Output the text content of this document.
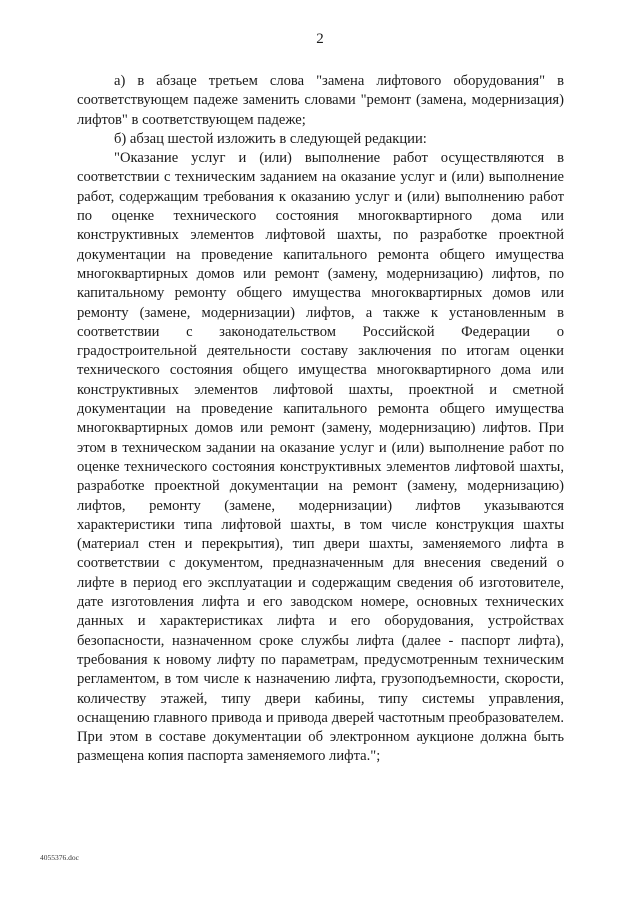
2

а) в абзаце третьем слова "замена лифтового оборудования" в соответствующем падеже заменить словами "ремонт (замена, модернизация) лифтов" в соответствующем падеже;

б) абзац шестой изложить в следующей редакции:

"Оказание услуг и (или) выполнение работ осуществляются в соответствии с техническим заданием на оказание услуг и (или) выполнение работ, содержащим требования к оказанию услуг и (или) выполнению работ по оценке технического состояния многоквартирного дома или конструктивных элементов лифтовой шахты, по разработке проектной документации на проведение капитального ремонта общего имущества многоквартирных домов или ремонт (замену, модернизацию) лифтов, по капитальному ремонту общего имущества многоквартирных домов или ремонту (замене, модернизации) лифтов, а также к установленным в соответствии с законодательством Российской Федерации о градостроительной деятельности составу заключения по итогам оценки технического состояния общего имущества многоквартирного дома или конструктивных элементов лифтовой шахты, проектной и сметной документации на проведение капитального ремонта общего имущества многоквартирных домов или ремонт (замену, модернизацию) лифтов. При этом в техническом задании на оказание услуг и (или) выполнение работ по оценке технического состояния конструктивных элементов лифтовой шахты, разработке проектной документации на ремонт (замену, модернизацию) лифтов, ремонту (замене, модернизации) лифтов указываются характеристики типа лифтовой шахты, в том числе конструкция шахты (материал стен и перекрытия), тип двери шахты, заменяемого лифта в соответствии с документом, предназначенным для внесения сведений о лифте в период его эксплуатации и содержащим сведения об изготовителе, дате изготовления лифта и его заводском номере, основных технических данных и характеристиках лифта и его оборудования, устройствах безопасности, назначенном сроке службы лифта (далее - паспорт лифта), требования к новому лифту по параметрам, предусмотренным техническим регламентом, в том числе к назначению лифта, грузоподъемности, скорости, количеству этажей, типу двери кабины, типу системы управления, оснащению главного привода и привода дверей частотным преобразователем. При этом в составе документации об электронном аукционе должна быть размещена копия паспорта заменяемого лифта.";

4055376.doc
